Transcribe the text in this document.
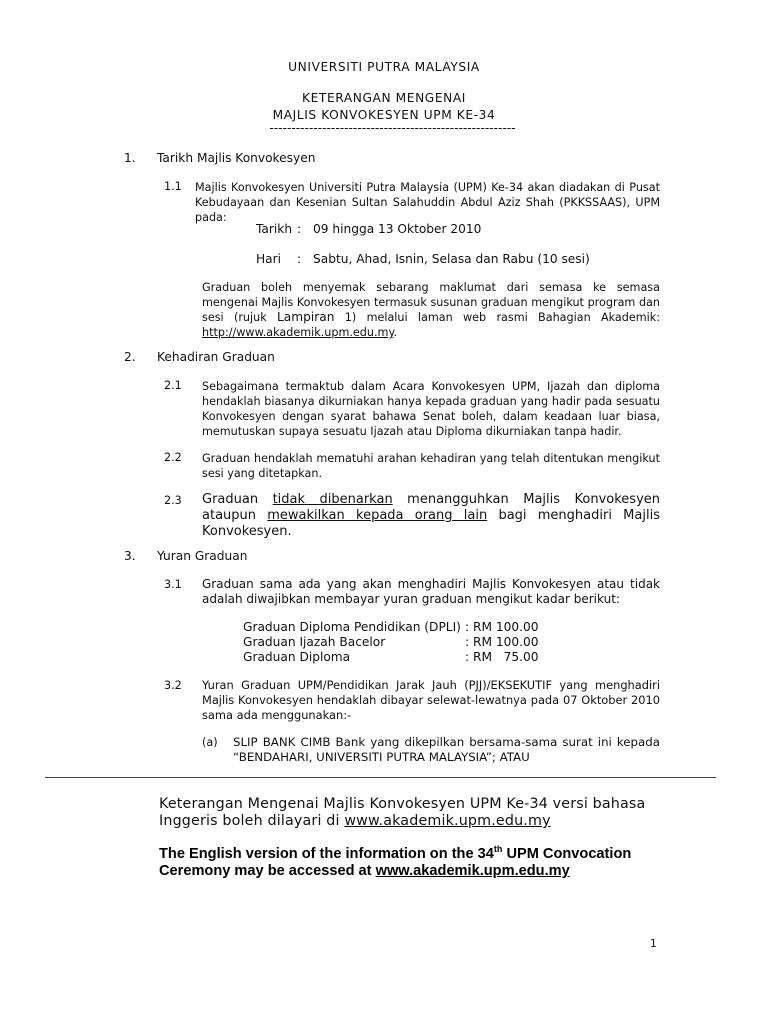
UNIVERSITI PUTRA MALAYSIA
KETERANGAN MENGENAI
MAJLIS KONVOKESYEN UPM KE-34
--------------------------------------------------------
1. Tarikh Majlis Konvokesyen
1.1 Majlis Konvokesyen Universiti Putra Malaysia (UPM) Ke-34 akan diadakan di Pusat Kebudayaan dan Kesenian Sultan Salahuddin Abdul Aziz Shah (PKKSSAAS), UPM pada:
Tarikh : 09 hingga 13 Oktober 2010
Hari : Sabtu, Ahad, Isnin, Selasa dan Rabu (10 sesi)
Graduan boleh menyemak sebarang maklumat dari semasa ke semasa mengenai Majlis Konvokesyen termasuk susunan graduan mengikut program dan sesi (rujuk Lampiran 1) melalui laman web rasmi Bahagian Akademik: http://www.akademik.upm.edu.my.
2. Kehadiran Graduan
2.1 Sebagaimana termaktub dalam Acara Konvokesyen UPM, Ijazah dan diploma hendaklah biasanya dikurniakan hanya kepada graduan yang hadir pada sesuatu Konvokesyen dengan syarat bahawa Senat boleh, dalam keadaan luar biasa, memutuskan supaya sesuatu Ijazah atau Diploma dikurniakan tanpa hadir.
2.2 Graduan hendaklah mematuhi arahan kehadiran yang telah ditentukan mengikut sesi yang ditetapkan.
2.3 Graduan tidak dibenarkan menangguhkan Majlis Konvokesyen ataupun mewakilkan kepada orang lain bagi menghadiri Majlis Konvokesyen.
3. Yuran Graduan
3.1 Graduan sama ada yang akan menghadiri Majlis Konvokesyen atau tidak adalah diwajibkan membayar yuran graduan mengikut kadar berikut:
Graduan Diploma Pendidikan (DPLI) : RM 100.00
Graduan Ijazah Bacelor	: RM 100.00
Graduan Diploma	: RM   75.00
3.2 Yuran Graduan UPM/Pendidikan Jarak Jauh (PJJ)/EKSEKUTIF yang menghadiri Majlis Konvokesyen hendaklah dibayar selewat-lewatnya pada 07 Oktober 2010 sama ada menggunakan:-
(a) SLIP BANK CIMB Bank yang dikepilkan bersama-sama surat ini kepada “BENDAHARI, UNIVERSITI PUTRA MALAYSIA”; ATAU
Keterangan Mengenai Majlis Konvokesyen UPM Ke-34 versi bahasa
Inggeris boleh dilayari di www.akademik.upm.edu.my
The English version of the information on the 34th UPM Convocation
Ceremony may be accessed at www.akademik.upm.edu.my
1
